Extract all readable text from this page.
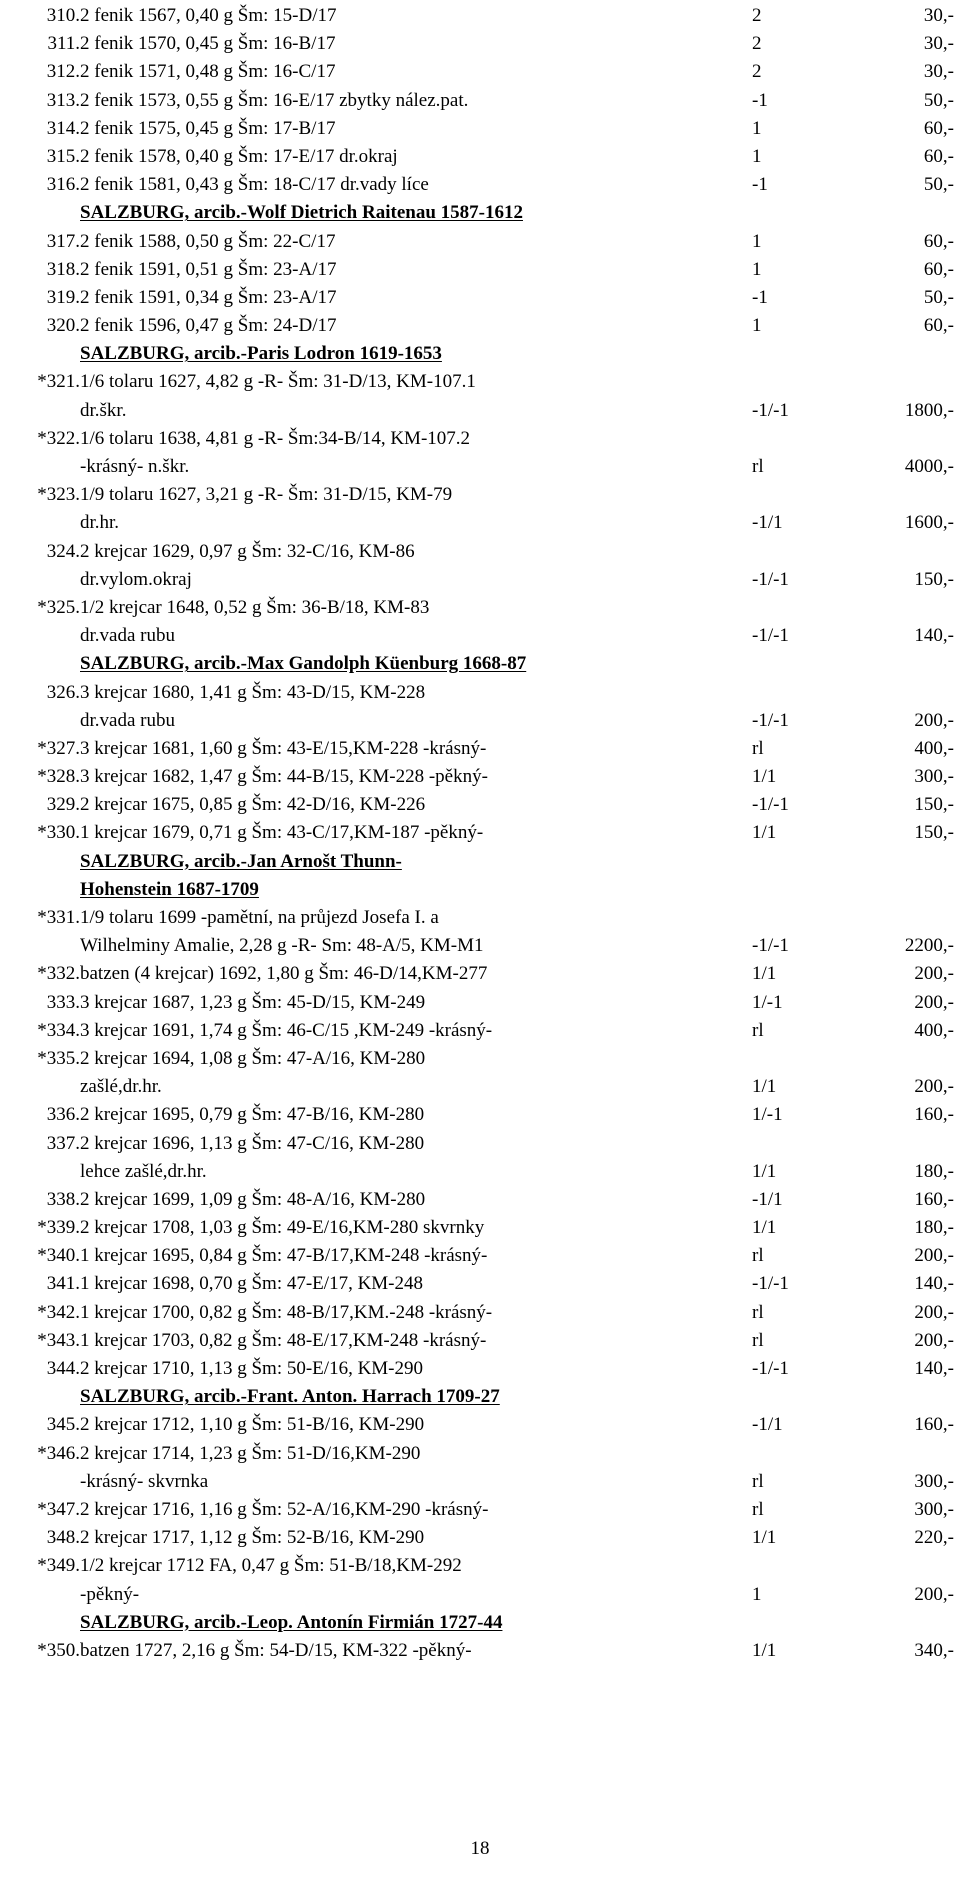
310. 2 fenik 1567, 0,40 g Šm: 15-D/17	2	30,-
311. 2 fenik 1570, 0,45 g Šm: 16-B/17	2	30,-
312. 2 fenik 1571, 0,48 g Šm: 16-C/17	2	30,-
313. 2 fenik 1573, 0,55 g Šm: 16-E/17 zbytky nález.pat.	-1	50,-
314. 2 fenik 1575, 0,45 g Šm: 17-B/17	1	60,-
315. 2 fenik 1578, 0,40 g Šm: 17-E/17 dr.okraj	1	60,-
316. 2 fenik 1581, 0,43 g Šm: 18-C/17 dr.vady líce	-1	50,-
SALZBURG, arcib.-Wolf Dietrich Raitenau 1587-1612
317. 2 fenik 1588, 0,50 g Šm: 22-C/17	1	60,-
318. 2 fenik 1591, 0,51 g Šm: 23-A/17	1	60,-
319. 2 fenik 1591, 0,34 g Šm: 23-A/17	-1	50,-
320. 2 fenik 1596, 0,47 g Šm: 24-D/17	1	60,-
SALZBURG, arcib.-Paris Lodron 1619-1653
*321. 1/6 tolaru 1627, 4,82 g -R- Šm: 31-D/13, KM-107.1
dr.škr.	-1/-1	1800,-
*322. 1/6 tolaru 1638, 4,81 g -R- Šm:34-B/14, KM-107.2
-krásný- n.škr.	rl	4000,-
*323. 1/9 tolaru 1627, 3,21 g -R- Šm: 31-D/15, KM-79
dr.hr.	-1/1	1600,-
324. 2 krejcar 1629, 0,97 g Šm: 32-C/16, KM-86
dr.vylom.okraj	-1/-1	150,-
*325. 1/2 krejcar 1648, 0,52 g Šm: 36-B/18, KM-83
dr.vada rubu	-1/-1	140,-
SALZBURG, arcib.-Max Gandolph Küenburg 1668-87
326. 3 krejcar 1680, 1,41 g Šm: 43-D/15, KM-228
dr.vada rubu	-1/-1	200,-
*327. 3 krejcar 1681, 1,60 g Šm: 43-E/15,KM-228 -krásný-	rl	400,-
*328. 3 krejcar 1682, 1,47 g Šm: 44-B/15, KM-228 -pěkný-	1/1	300,-
329. 2 krejcar 1675, 0,85 g Šm: 42-D/16, KM-226	-1/-1	150,-
*330. 1 krejcar 1679, 0,71 g Šm: 43-C/17,KM-187 -pěkný-	1/1	150,-
SALZBURG, arcib.-Jan Arnošt Thunn-
Hohenstein 1687-1709
*331. 1/9 tolaru 1699 -pamětní, na průjezd Josefa I. a
Wilhelminy Amalie, 2,28 g -R- Sm: 48-A/5, KM-M1	-1/-1	2200,-
*332. batzen (4 krejcar) 1692, 1,80 g Šm: 46-D/14,KM-277	1/1	200,-
333. 3 krejcar 1687, 1,23 g Šm: 45-D/15, KM-249	1/-1	200,-
*334. 3 krejcar 1691, 1,74 g Šm: 46-C/15 ,KM-249 -krásný-	rl	400,-
*335. 2 krejcar 1694, 1,08 g Šm: 47-A/16, KM-280
zašlé,dr.hr.	1/1	200,-
336. 2 krejcar 1695, 0,79 g Šm: 47-B/16, KM-280	1/-1	160,-
337. 2 krejcar 1696, 1,13 g Šm: 47-C/16, KM-280
lehce zašlé,dr.hr.	1/1	180,-
338. 2 krejcar 1699, 1,09 g Šm: 48-A/16, KM-280	-1/1	160,-
*339. 2 krejcar 1708, 1,03 g Šm: 49-E/16,KM-280 skvrnky	1/1	180,-
*340. 1 krejcar 1695, 0,84 g Šm: 47-B/17,KM-248 -krásný-	rl	200,-
341. 1 krejcar 1698, 0,70 g Šm: 47-E/17, KM-248	-1/-1	140,-
*342. 1 krejcar 1700, 0,82 g Šm: 48-B/17,KM.-248 -krásný-	rl	200,-
*343. 1 krejcar 1703, 0,82 g Šm: 48-E/17,KM-248 -krásný-	rl	200,-
344. 2 krejcar 1710, 1,13 g Šm: 50-E/16, KM-290	-1/-1	140,-
SALZBURG, arcib.-Frant. Anton. Harrach 1709-27
345. 2 krejcar 1712, 1,10 g Šm: 51-B/16, KM-290	-1/1	160,-
*346. 2 krejcar 1714, 1,23 g Šm: 51-D/16,KM-290
-krásný- skvrnka	rl	300,-
*347. 2 krejcar 1716, 1,16 g Šm: 52-A/16,KM-290 -krásný-	rl	300,-
348. 2 krejcar 1717, 1,12 g Šm: 52-B/16, KM-290	1/1	220,-
*349. 1/2 krejcar 1712 FA, 0,47 g Šm: 51-B/18,KM-292
-pěkný-	1	200,-
SALZBURG, arcib.-Leop. Antonín Firmián 1727-44
*350. batzen 1727, 2,16 g Šm: 54-D/15, KM-322 -pěkný-	1/1	340,-
18
